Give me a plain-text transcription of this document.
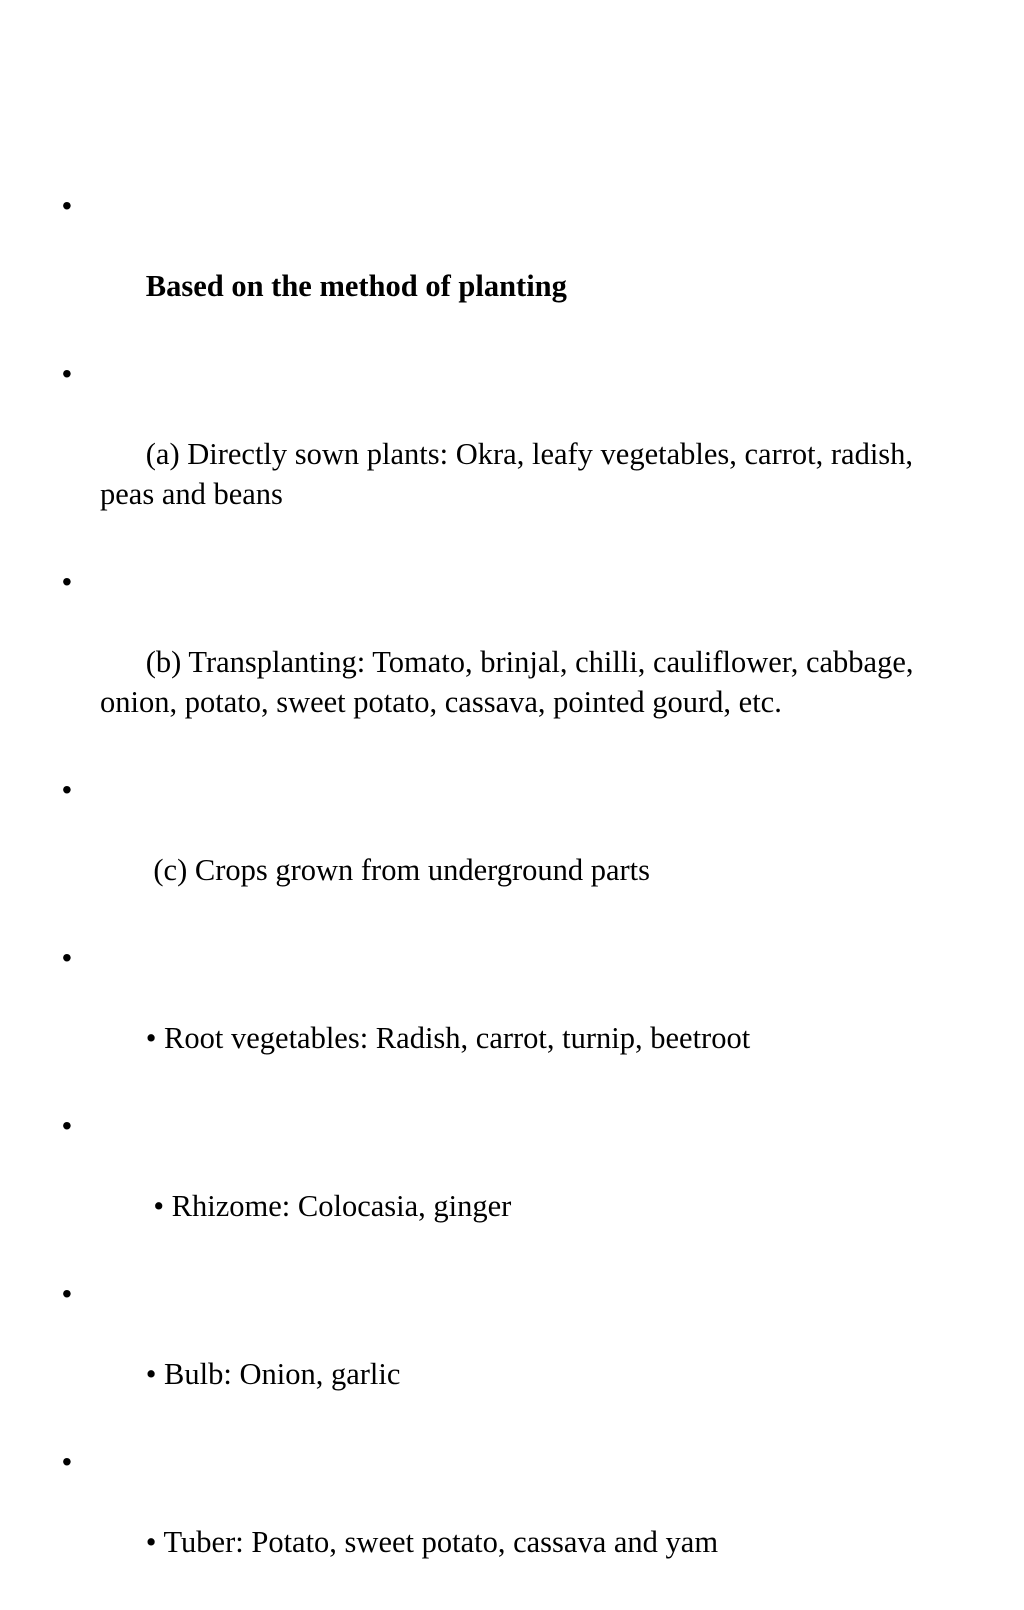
•

Based on the method of planting

•

(a) Directly sown plants: Okra, leafy vegetables, carrot, radish, peas and beans

•

(b) Transplanting: Tomato, brinjal, chilli, cauliflower, cabbage, onion, potato, sweet potato, cassava, pointed gourd, etc.

•

(c) Crops grown from underground parts

•

• Root vegetables: Radish, carrot, turnip, beetroot

•

• Rhizome: Colocasia, ginger

•

• Bulb: Onion, garlic

•

• Tuber: Potato, sweet potato, cassava and yam
